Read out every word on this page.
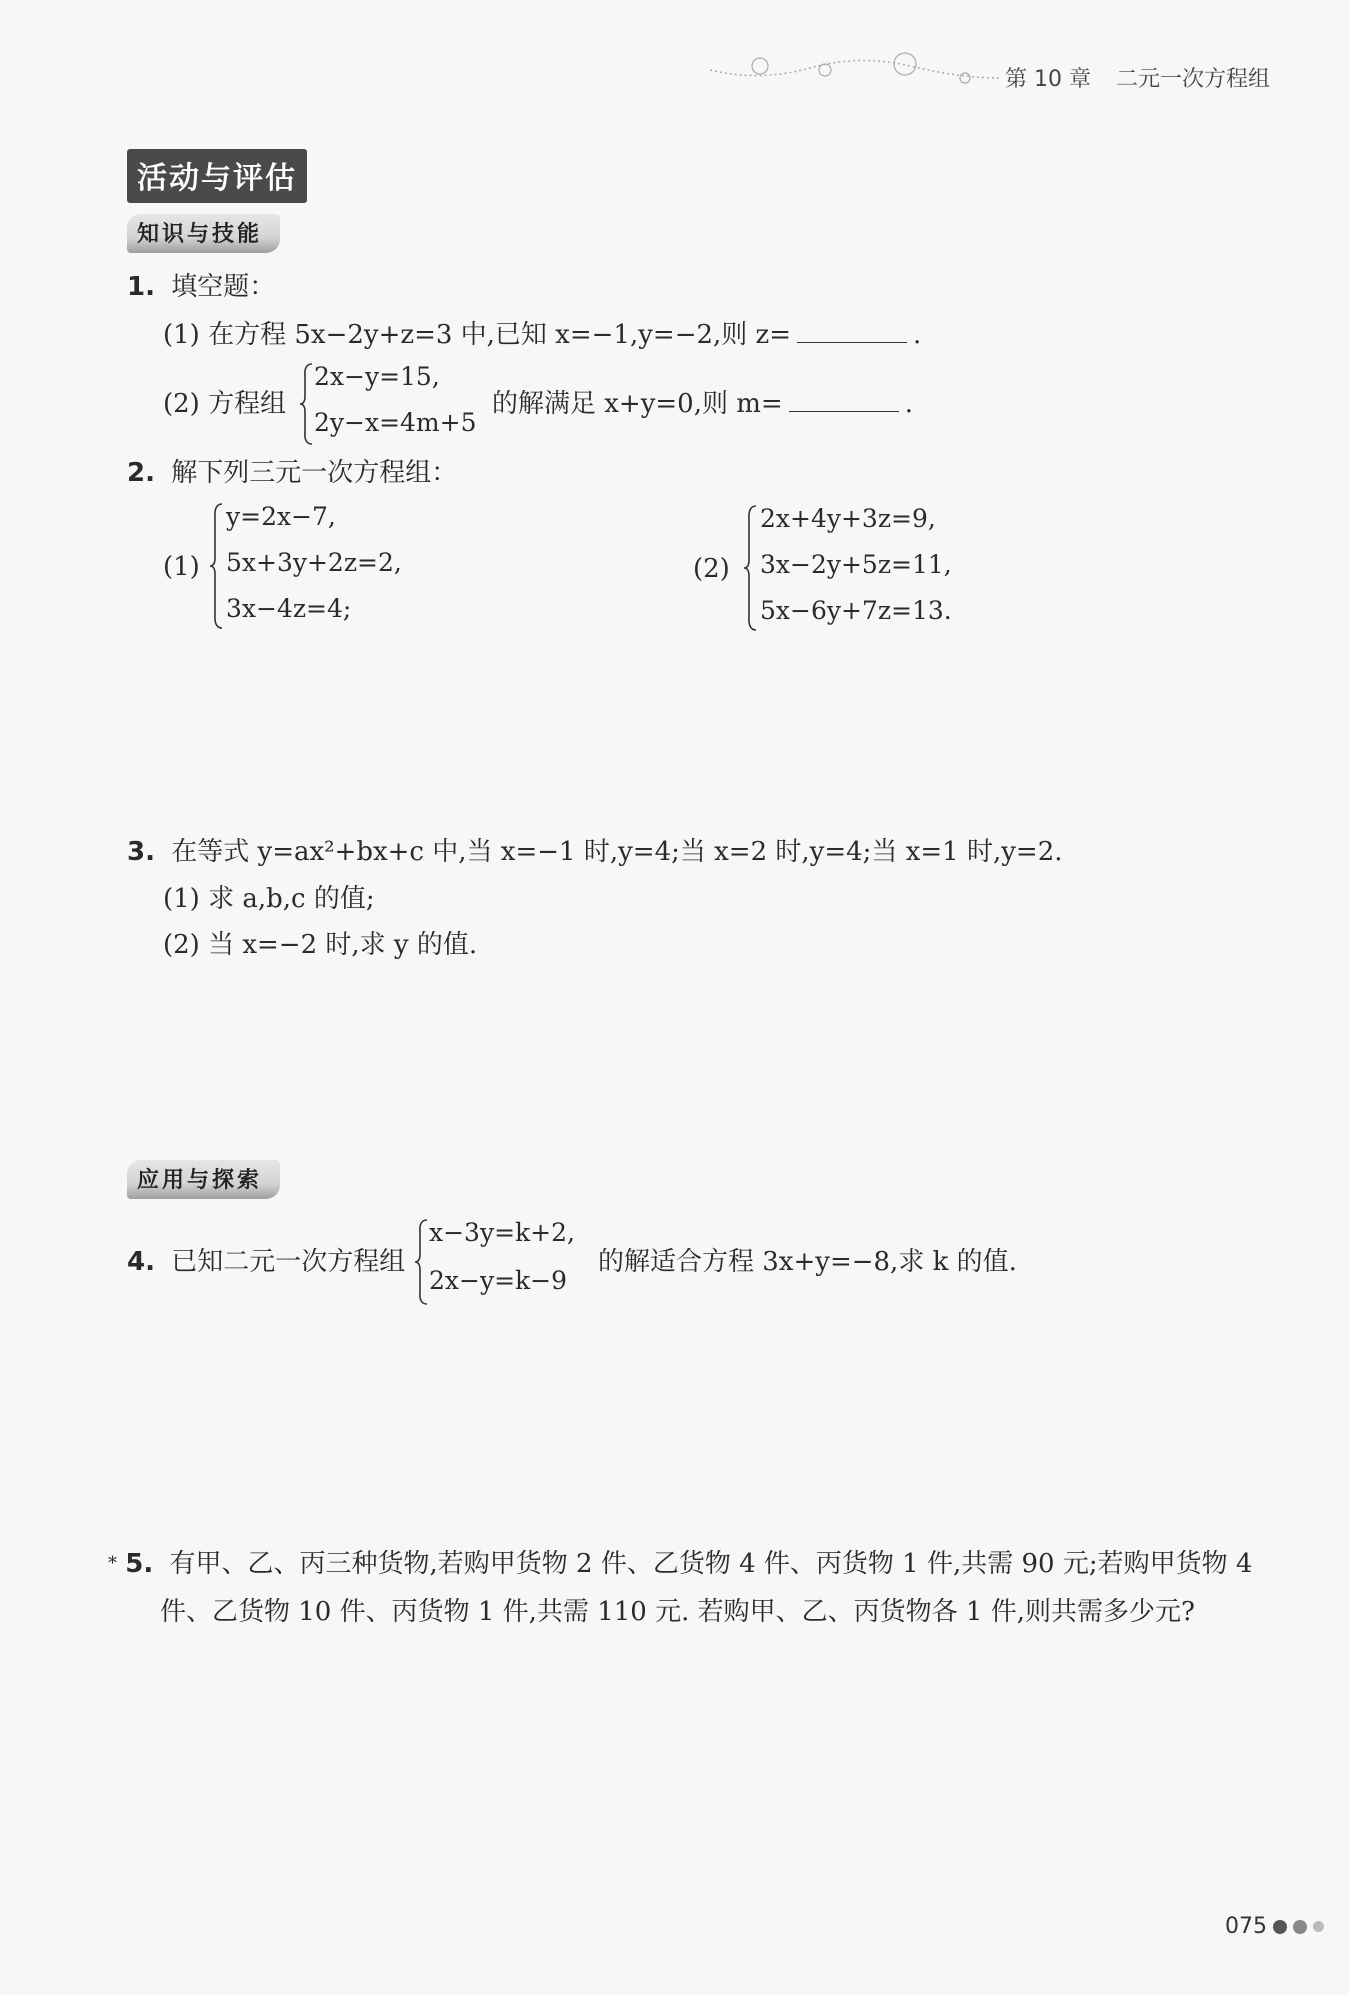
第 10 章 二元一次方程组
活动与评估
知识与技能
1. 填空题：
(1) 在方程 5x−2y+z=3 中,已知 x=−1,y=−2,则 z=	.
(2) 方程组
2x−y=15,
2y−x=4m+5
的解满足 x+y=0,则 m=	.
2. 解下列三元一次方程组：
(1)
y=2x−7,
5x+3y+2z=2,
3x−4z=4;
(2)
2x+4y+3z=9,
3x−2y+5z=11,
5x−6y+7z=13.
3. 在等式 y=ax²+bx+c 中,当 x=−1 时,y=4;当 x=2 时,y=4;当 x=1 时,y=2.
(1) 求 a,b,c 的值;
(2) 当 x=−2 时,求 y 的值.
应用与探索
4. 已知二元一次方程组
x−3y=k+2,
2x−y=k−9
的解适合方程 3x+y=−8,求 k 的值.
* 5. 有甲、乙、丙三种货物,若购甲货物 2 件、乙货物 4 件、丙货物 1 件,共需 90 元;若购甲货物 4
件、乙货物 10 件、丙货物 1 件,共需 110 元. 若购甲、乙、丙货物各 1 件,则共需多少元?
075
